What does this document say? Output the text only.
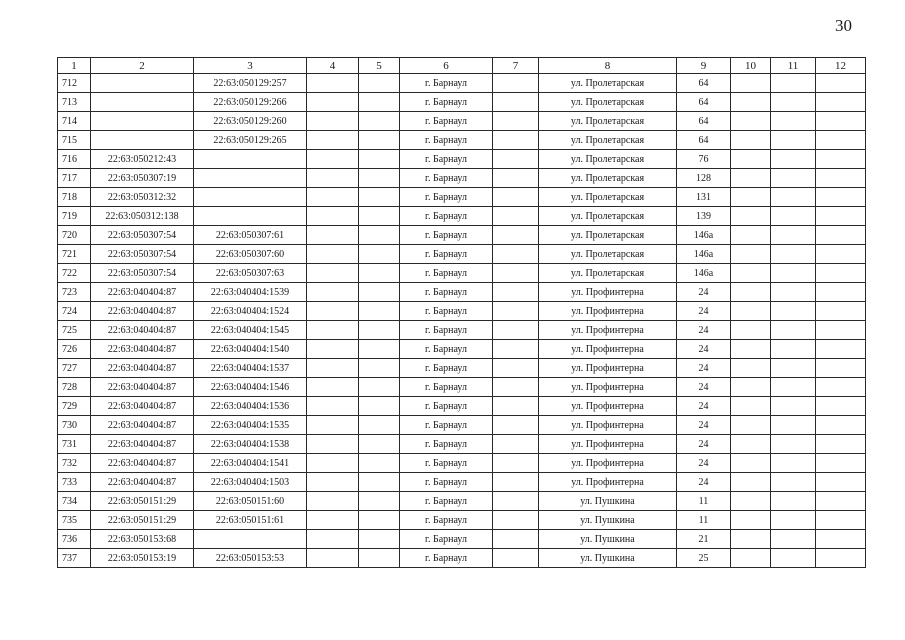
30
1	2	3	4	5	6	7	8	9	10	11	12
712		22:63:050129:257			г. Барнаул		ул. Пролетарская	64			
713		22:63:050129:266			г. Барнаул		ул. Пролетарская	64			
714		22:63:050129:260			г. Барнаул		ул. Пролетарская	64			
715		22:63:050129:265			г. Барнаул		ул. Пролетарская	64			
716	22:63:050212:43				г. Барнаул		ул. Пролетарская	76			
717	22:63:050307:19				г. Барнаул		ул. Пролетарская	128			
718	22:63:050312:32				г. Барнаул		ул. Пролетарская	131			
719	22:63:050312:138				г. Барнаул		ул. Пролетарская	139			
720	22:63:050307:54	22:63:050307:61			г. Барнаул		ул. Пролетарская	146а			
721	22:63:050307:54	22:63:050307:60			г. Барнаул		ул. Пролетарская	146а			
722	22:63:050307:54	22:63:050307:63			г. Барнаул		ул. Пролетарская	146а			
723	22:63:040404:87	22:63:040404:1539			г. Барнаул		ул. Профинтерна	24			
724	22:63:040404:87	22:63:040404:1524			г. Барнаул		ул. Профинтерна	24			
725	22:63:040404:87	22:63:040404:1545			г. Барнаул		ул. Профинтерна	24			
726	22:63:040404:87	22:63:040404:1540			г. Барнаул		ул. Профинтерна	24			
727	22:63:040404:87	22:63:040404:1537			г. Барнаул		ул. Профинтерна	24			
728	22:63:040404:87	22:63:040404:1546			г. Барнаул		ул. Профинтерна	24			
729	22:63:040404:87	22:63:040404:1536			г. Барнаул		ул. Профинтерна	24			
730	22:63:040404:87	22:63:040404:1535			г. Барнаул		ул. Профинтерна	24			
731	22:63:040404:87	22:63:040404:1538			г. Барнаул		ул. Профинтерна	24			
732	22:63:040404:87	22:63:040404:1541			г. Барнаул		ул. Профинтерна	24			
733	22:63:040404:87	22:63:040404:1503			г. Барнаул		ул. Профинтерна	24			
734	22:63:050151:29	22:63:050151:60			г. Барнаул		ул. Пушкина	11			
735	22:63:050151:29	22:63:050151:61			г. Барнаул		ул. Пушкина	11			
736	22:63:050153:68				г. Барнаул		ул. Пушкина	21			
737	22:63:050153:19	22:63:050153:53			г. Барнаул		ул. Пушкина	25			
